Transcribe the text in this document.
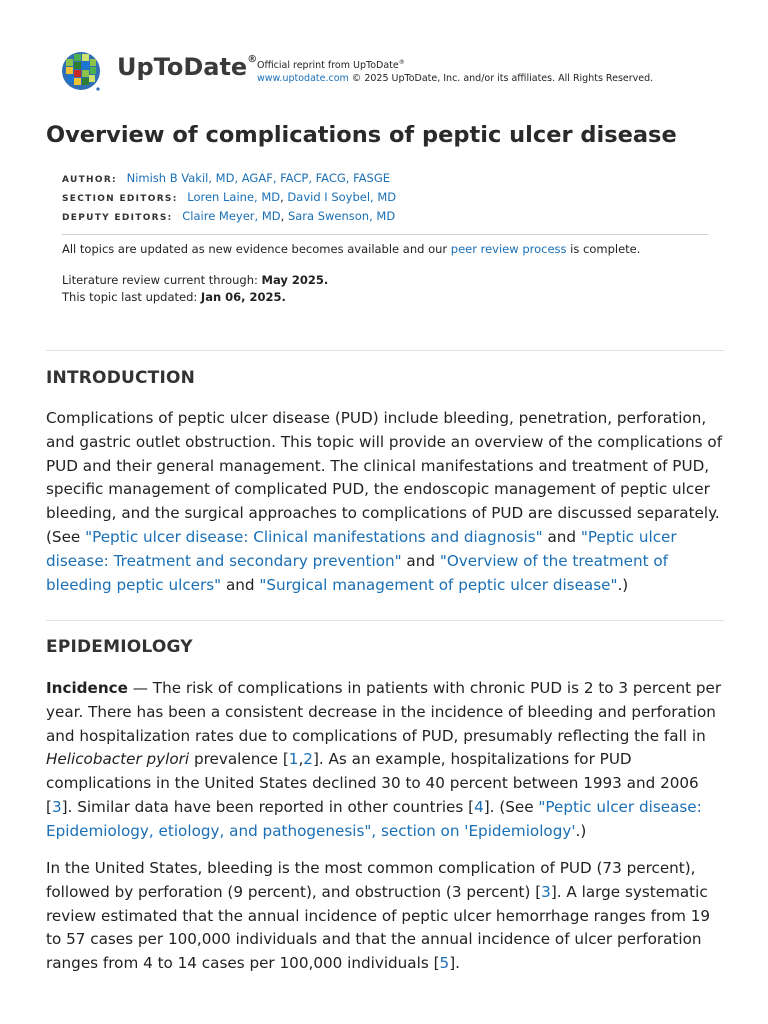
UpToDate®
Official reprint from UpToDate®
www.uptodate.com © 2025 UpToDate, Inc. and/or its affiliates. All Rights Reserved.
Overview of complications of peptic ulcer disease
AUTHOR: Nimish B Vakil, MD, AGAF, FACP, FACG, FASGE
SECTION EDITORS: Loren Laine, MD, David I Soybel, MD
DEPUTY EDITORS: Claire Meyer, MD, Sara Swenson, MD
All topics are updated as new evidence becomes available and our peer review process is complete.
Literature review current through: May 2025.
This topic last updated: Jan 06, 2025.
INTRODUCTION

Complications of peptic ulcer disease (PUD) include bleeding, penetration, perforation, and gastric outlet obstruction. This topic will provide an overview of the complications of PUD and their general management. The clinical manifestations and treatment of PUD, specific management of complicated PUD, the endoscopic management of peptic ulcer bleeding, and the surgical approaches to complications of PUD are discussed separately. (See "Peptic ulcer disease: Clinical manifestations and diagnosis" and "Peptic ulcer disease: Treatment and secondary prevention" and "Overview of the treatment of bleeding peptic ulcers" and "Surgical management of peptic ulcer disease".)

EPIDEMIOLOGY

Incidence — The risk of complications in patients with chronic PUD is 2 to 3 percent per year. There has been a consistent decrease in the incidence of bleeding and perforation and hospitalization rates due to complications of PUD, presumably reflecting the fall in Helicobacter pylori prevalence [1,2]. As an example, hospitalizations for PUD complications in the United States declined 30 to 40 percent between 1993 and 2006 [3]. Similar data have been reported in other countries [4]. (See "Peptic ulcer disease: Epidemiology, etiology, and pathogenesis", section on 'Epidemiology'.)

In the United States, bleeding is the most common complication of PUD (73 percent), followed by perforation (9 percent), and obstruction (3 percent) [3]. A large systematic review estimated that the annual incidence of peptic ulcer hemorrhage ranges from 19 to 57 cases per 100,000 individuals and that the annual incidence of ulcer perforation ranges from 4 to 14 cases per 100,000 individuals [5].
